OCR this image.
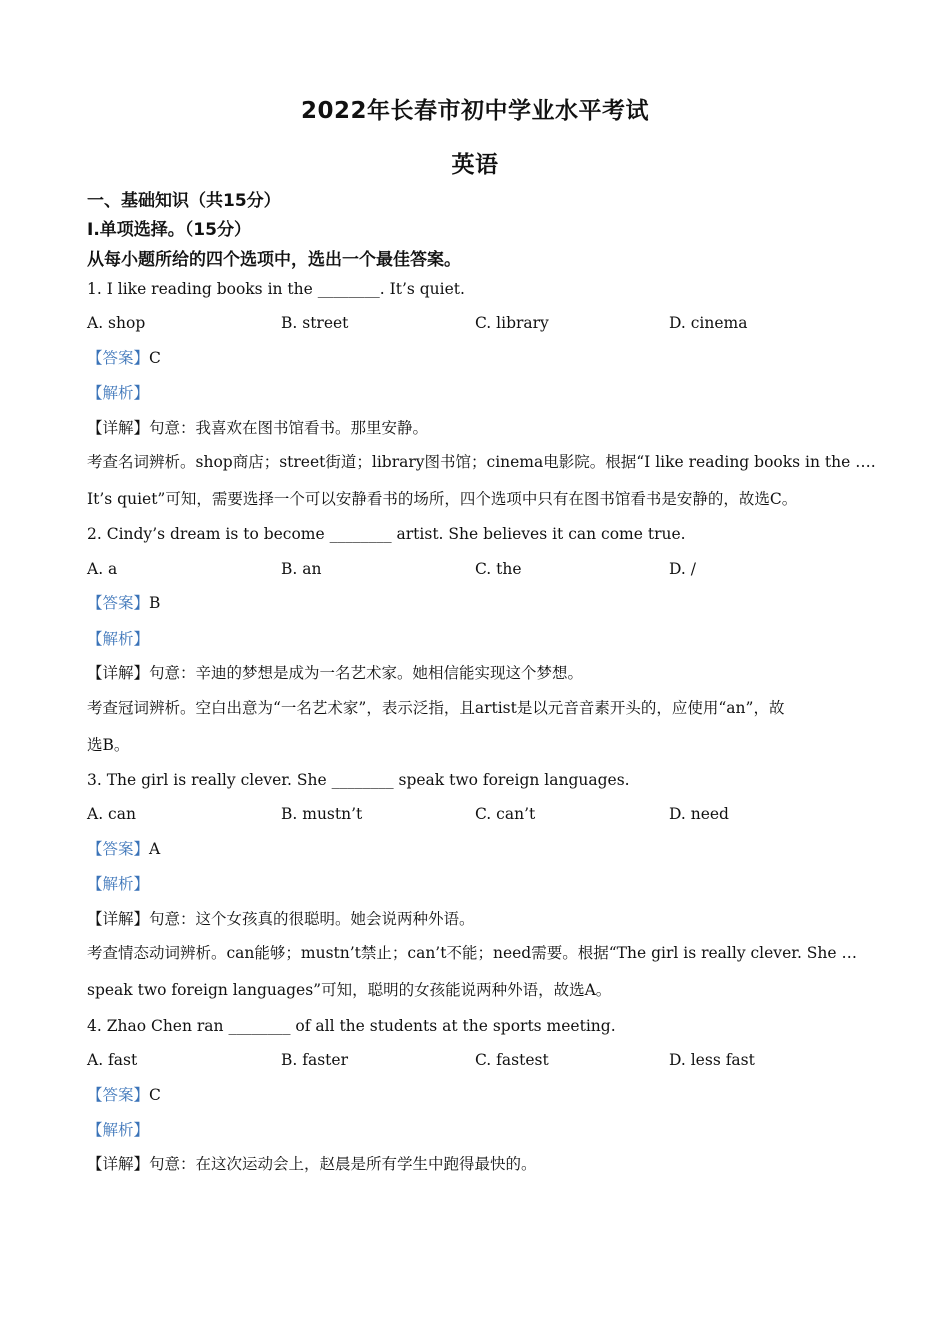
2022年长春市初中学业水平考试
英语
一、基础知识（共15分）
Ⅰ.单项选择。（15分）
从每小题所给的四个选项中，选出一个最佳答案。
1. I like reading books in the ________. It’s quiet.
A. shop	B. street	C. library	D. cinema
【答案】C
【解析】
【详解】句意：我喜欢在图书馆看书。那里安静。
考查名词辨析。shop商店；street街道；library图书馆；cinema电影院。根据“I like reading books in the ….
It’s quiet”可知，需要选择一个可以安静看书的场所，四个选项中只有在图书馆看书是安静的，故选C。
2. Cindy’s dream is to become ________ artist. She believes it can come true.
A. a	B. an	C. the	D. /
【答案】B
【解析】
【详解】句意：辛迪的梦想是成为一名艺术家。她相信能实现这个梦想。
考查冠词辨析。空白出意为“一名艺术家”，表示泛指，且artist是以元音音素开头的，应使用“an”，故
选B。
3. The girl is really clever. She ________ speak two foreign languages.
A. can	B. mustn’t	C. can’t	D. need
【答案】A
【解析】
【详解】句意：这个女孩真的很聪明。她会说两种外语。
考查情态动词辨析。can能够；mustn’t禁止；can’t不能；need需要。根据“The girl is really clever. She …
speak two foreign languages”可知，聪明的女孩能说两种外语，故选A。
4. Zhao Chen ran ________ of all the students at the sports meeting.
A. fast	B. faster	C. fastest	D. less fast
【答案】C
【解析】
【详解】句意：在这次运动会上，赵晨是所有学生中跑得最快的。
